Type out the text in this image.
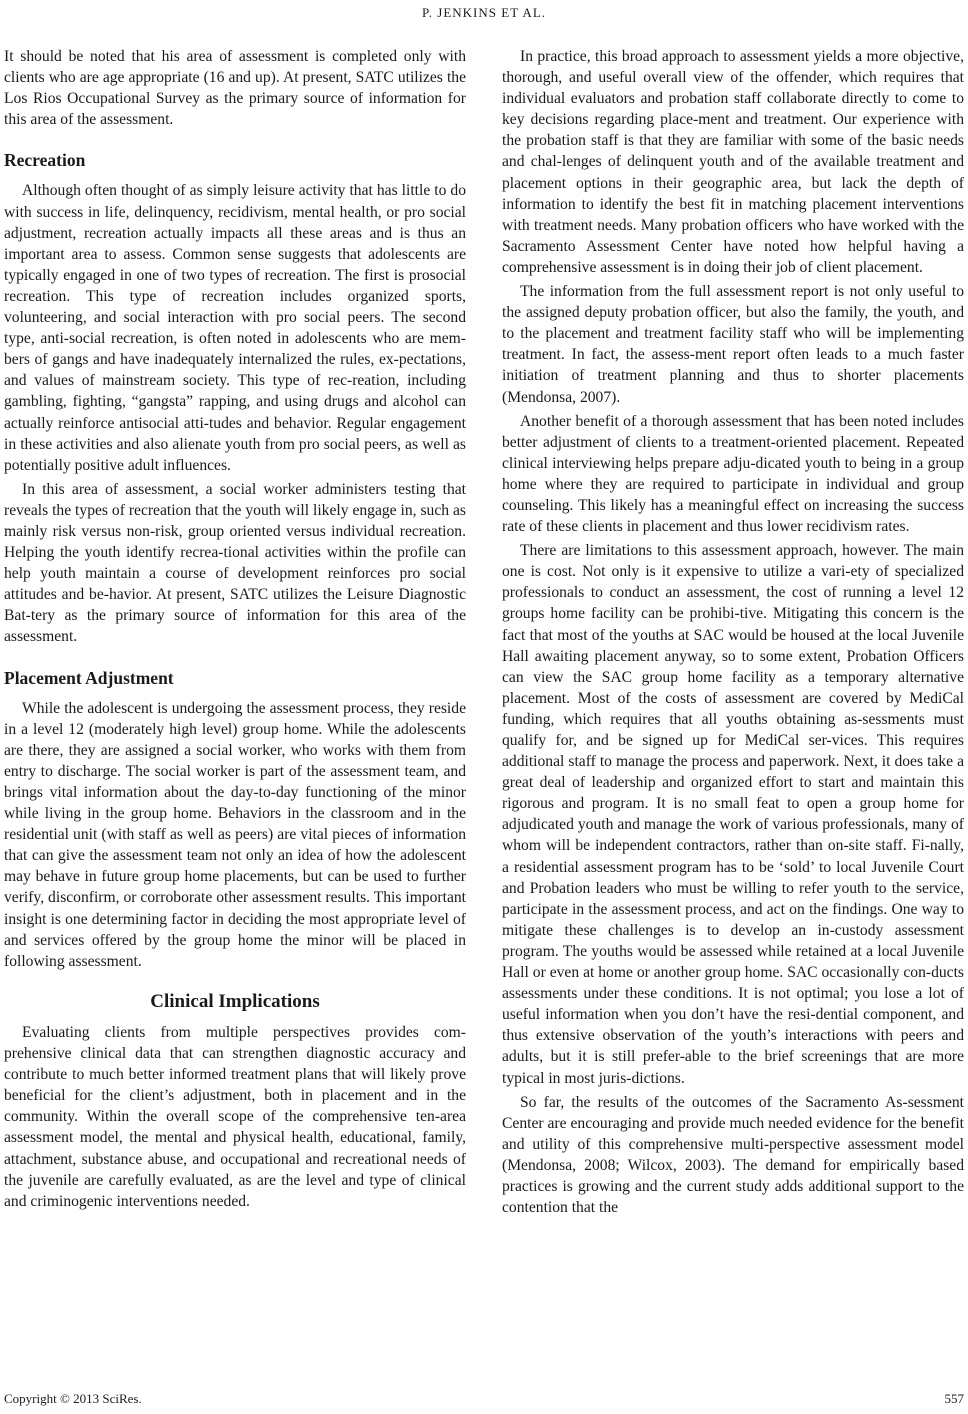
P. JENKINS ET AL.

It should be noted that his area of assessment is completed only with clients who are age appropriate (16 and up). At present, SATC utilizes the Los Rios Occupational Survey as the primary source of information for this area of the assessment.

Recreation

Although often thought of as simply leisure activity that has little to do with success in life, delinquency, recidivism, mental health, or pro social adjustment, recreation actually impacts all these areas and is thus an important area to assess. Common sense suggests that adolescents are typically engaged in one of two types of recreation. The first is prosocial recreation. This type of recreation includes organized sports, volunteering, and social interaction with pro social peers. The second type, anti-social recreation, is often noted in adolescents who are mem-bers of gangs and have inadequately internalized the rules, ex-pectations, and values of mainstream society. This type of rec-reation, including gambling, fighting, “gangsta” rapping, and using drugs and alcohol can actually reinforce antisocial atti-tudes and behavior. Regular engagement in these activities and also alienate youth from pro social peers, as well as potentially positive adult influences.

In this area of assessment, a social worker administers testing that reveals the types of recreation that the youth will likely engage in, such as mainly risk versus non-risk, group oriented versus individual recreation. Helping the youth identify recrea-tional activities within the profile can help youth maintain a course of development reinforces pro social attitudes and be-havior. At present, SATC utilizes the Leisure Diagnostic Bat-tery as the primary source of information for this area of the assessment.

Placement Adjustment

While the adolescent is undergoing the assessment process, they reside in a level 12 (moderately high level) group home. While the adolescents are there, they are assigned a social worker, who works with them from entry to discharge. The social worker is part of the assessment team, and brings vital information about the day-to-day functioning of the minor while living in the group home. Behaviors in the classroom and in the residential unit (with staff as well as peers) are vital pieces of information that can give the assessment team not only an idea of how the adolescent may behave in future group home placements, but can be used to further verify, disconfirm, or corroborate other assessment results. This important insight is one determining factor in deciding the most appropriate level of and services offered by the group home the minor will be placed in following assessment.

Clinical Implications

Evaluating clients from multiple perspectives provides com-prehensive clinical data that can strengthen diagnostic accuracy and contribute to much better informed treatment plans that will likely prove beneficial for the client’s adjustment, both in placement and in the community. Within the overall scope of the comprehensive ten-area assessment model, the mental and physical health, educational, family, attachment, substance abuse, and occupational and recreational needs of the juvenile are carefully evaluated, as are the level and type of clinical and criminogenic interventions needed.

In practice, this broad approach to assessment yields a more objective, thorough, and useful overall view of the offender, which requires that individual evaluators and probation staff collaborate directly to come to key decisions regarding place-ment and treatment. Our experience with the probation staff is that they are familiar with some of the basic needs and chal-lenges of delinquent youth and of the available treatment and placement options in their geographic area, but lack the depth of information to identify the best fit in matching placement interventions with treatment needs. Many probation officers who have worked with the Sacramento Assessment Center have noted how helpful having a comprehensive assessment is in doing their job of client placement.

The information from the full assessment report is not only useful to the assigned deputy probation officer, but also the family, the youth, and to the placement and treatment facility staff who will be implementing treatment. In fact, the assess-ment report often leads to a much faster initiation of treatment planning and thus to shorter placements (Mendonsa, 2007).

Another benefit of a thorough assessment that has been noted includes better adjustment of clients to a treatment-oriented placement. Repeated clinical interviewing helps prepare adju-dicated youth to being in a group home where they are required to participate in individual and group counseling. This likely has a meaningful effect on increasing the success rate of these clients in placement and thus lower recidivism rates.

There are limitations to this assessment approach, however. The main one is cost. Not only is it expensive to utilize a vari-ety of specialized professionals to conduct an assessment, the cost of running a level 12 groups home facility can be prohibi-tive. Mitigating this concern is the fact that most of the youths at SAC would be housed at the local Juvenile Hall awaiting placement anyway, so to some extent, Probation Officers can view the SAC group home facility as a temporary alternative placement. Most of the costs of assessment are covered by MediCal funding, which requires that all youths obtaining as-sessments must qualify for, and be signed up for MediCal ser-vices. This requires additional staff to manage the process and paperwork. Next, it does take a great deal of leadership and organized effort to start and maintain this rigorous and program. It is no small feat to open a group home for adjudicated youth and manage the work of various professionals, many of whom will be independent contractors, rather than on-site staff. Fi-nally, a residential assessment program has to be ‘sold’ to local Juvenile Court and Probation leaders who must be willing to refer youth to the service, participate in the assessment process, and act on the findings. One way to mitigate these challenges is to develop an in-custody assessment program. The youths would be assessed while retained at a local Juvenile Hall or even at home or another group home. SAC occasionally con-ducts assessments under these conditions. It is not optimal; you lose a lot of useful information when you don’t have the resi-dential component, and thus extensive observation of the youth’s interactions with peers and adults, but it is still prefer-able to the brief screenings that are more typical in most juris-dictions.

So far, the results of the outcomes of the Sacramento As-sessment Center are encouraging and provide much needed evidence for the benefit and utility of this comprehensive multi-perspective assessment model (Mendonsa, 2008; Wilcox, 2003). The demand for empirically based practices is growing and the current study adds additional support to the contention that the

Copyright © 2013 SciRes.	557
